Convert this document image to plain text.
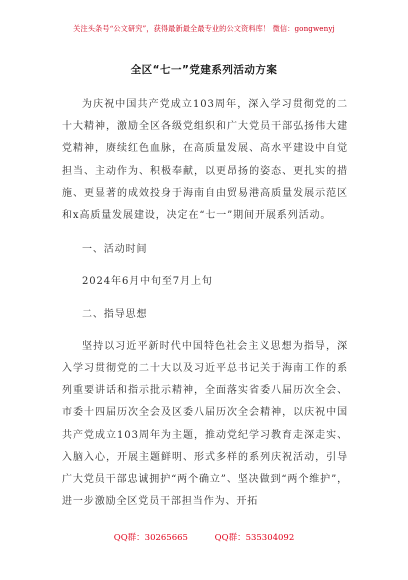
关注头条号“公文研究”，获得最新最全最专业的公文资料库！ 微信：gongwenyj
全区“七一”党建系列活动方案

为庆祝中国共产党成立103周年，深入学习贯彻党的二十大精神，激励全区各级党组织和广大党员干部弘扬伟大建党精神，赓续红色血脉，在高质量发展、高水平建设中自觉担当、主动作为、积极奉献，以更昂扬的姿态、更扎实的措施、更显著的成效投身于海南自由贸易港高质量发展示范区和x高质量发展建设，决定在“七一”期间开展系列活动。

一、活动时间

2024年6月中旬至7月上旬

二、指导思想

坚持以习近平新时代中国特色社会主义思想为指导，深入学习贯彻党的二十大以及习近平总书记关于海南工作的系列重要讲话和指示批示精神，全面落实省委八届历次全会、市委十四届历次全会及区委八届历次全会精神，以庆祝中国共产党成立103周年为主题，推动党纪学习教育走深走实、入脑入心，开展主题鲜明、形式多样的系列庆祝活动，引导广大党员干部忠诚拥护“两个确立”、坚决做到“两个维护”，进一步激励全区党员干部担当作为、开拓

QQ群：30265665	QQ群：535304092
